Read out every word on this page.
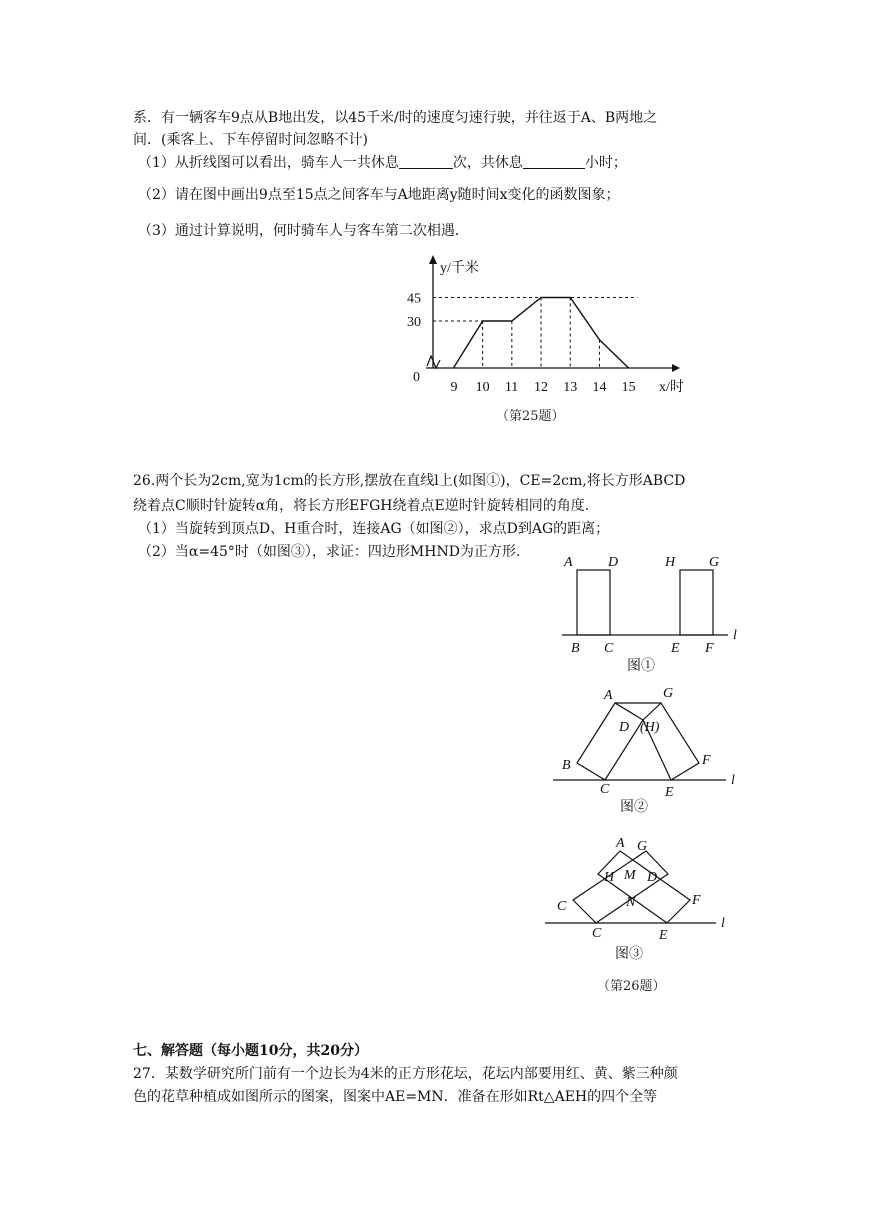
系．有一辆客车9点从B地出发，以45千米/时的速度匀速行驶，并往返于A、B两地之
间．(乘客上、下车停留时间忽略不计)
（1）从折线图可以看出，骑车人一共休息	次，共休息	小时；
（2）请在图中画出9点至15点之间客车与A地距离y随时间x变化的函数图象；
（3）通过计算说明，何时骑车人与客车第二次相遇．
y/千米
x/时
0
30
45
9 10 11 12 13 14 15
A	D	H G
B C	E F
l
图①
A	G
D (H)
B	F
C	E
l
图②
A G
H M D
C	N	F
C	E
l
图③
（第25题）
26.两个长为2cm,宽为1cm的长方形,摆放在直线l上(如图①)，CE=2cm,将长方形ABCD
绕着点C顺时针旋转α角，将长方形EFGH绕着点E逆时针旋转相同的角度.
（1）当旋转到顶点D、H重合时，连接AG（如图②），求点D到AG的距离；
（2）当α=45°时（如图③），求证：四边形MHND为正方形.
（第26题）
七、解答题（每小题10分，共20分）
27．某数学研究所门前有一个边长为4米的正方形花坛，花坛内部要用红、黄、紫三种颜
色的花草种植成如图所示的图案，图案中AE=MN．准备在形如Rt△AEH的四个全等
